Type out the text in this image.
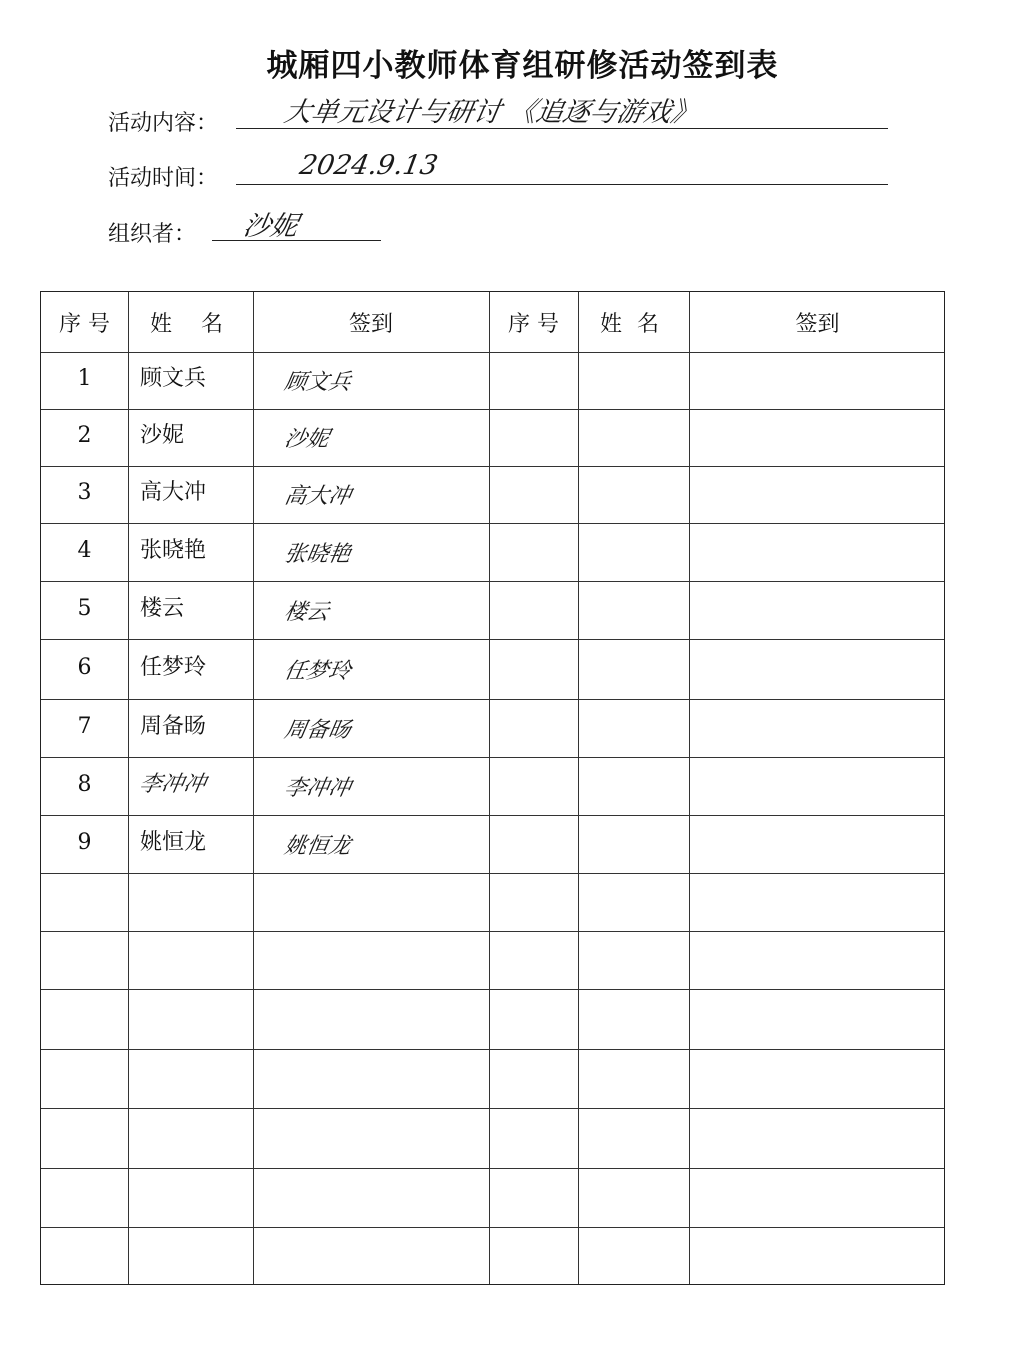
城厢四小教师体育组研修活动签到表
活动内容： 大单元设计与研讨 《追逐与游戏》
活动时间：	2024.9.13
组织者： 沙妮
序 号	姓 名	签到	序 号	姓 名	签到
1	顾文兵	顾文兵
2	沙妮	沙妮
3	高大冲	高大冲
4	张晓艳	张晓艳
5	楼云	楼云
6	任梦玲	任梦玲
7	周备旸	周备旸
8	李冲冲	李冲冲
9	姚恒龙	姚恒龙
